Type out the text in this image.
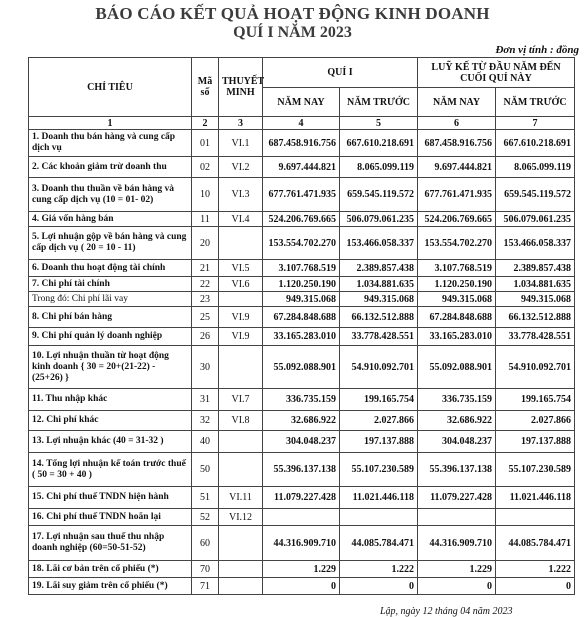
BÁO CÁO KẾT QUẢ HOẠT ĐỘNG KINH DOANH
QUÍ I NĂM 2023
Đơn vị tính : đồng
CHỈ TIÊU	Mã số	THUYẾT MINH	QUÍ I		LUỸ KẾ TỪ ĐẦU NĂM ĐẾN CUỐI QUÍ NÀY	
			NĂM NAY	NĂM TRƯỚC	NĂM NAY	NĂM TRƯỚC
1	2	3	4	5	6	7
1. Doanh thu bán hàng và cung cấp dịch vụ	01	VI.1	687.458.916.756	667.610.218.691	687.458.916.756	667.610.218.691
2. Các khoản giảm trừ doanh thu	02	VI.2	9.697.444.821	8.065.099.119	9.697.444.821	8.065.099.119
3. Doanh thu thuần về bán hàng và cung cấp dịch vụ (10 = 01- 02)	10	VI.3	677.761.471.935	659.545.119.572	677.761.471.935	659.545.119.572
4. Giá vốn hàng bán	11	VI.4	524.206.769.665	506.079.061.235	524.206.769.665	506.079.061.235
5. Lợi nhuận gộp về bán hàng và cung cấp dịch vụ ( 20 = 10 - 11)	20		153.554.702.270	153.466.058.337	153.554.702.270	153.466.058.337
6. Doanh thu hoạt động tài chính	21	VI.5	3.107.768.519	2.389.857.438	3.107.768.519	2.389.857.438
7. Chi phí tài chính	22	VI.6	1.120.250.190	1.034.881.635	1.120.250.190	1.034.881.635
Trong đó: Chi phí lãi vay	23		949.315.068	949.315.068	949.315.068	949.315.068
8. Chi phí bán hàng	25	VI.9	67.284.848.688	66.132.512.888	67.284.848.688	66.132.512.888
9. Chi phí quản lý doanh nghiệp	26	VI.9	33.165.283.010	33.778.428.551	33.165.283.010	33.778.428.551
10. Lợi nhuận thuần từ hoạt động kinh doanh { 30 = 20+(21-22) - (25+26) }	30		55.092.088.901	54.910.092.701	55.092.088.901	54.910.092.701
11. Thu nhập khác	31	VI.7	336.735.159	199.165.754	336.735.159	199.165.754
12. Chi phí khác	32	VI.8	32.686.922	2.027.866	32.686.922	2.027.866
13. Lợi nhuận khác (40 = 31-32 )	40		304.048.237	197.137.888	304.048.237	197.137.888
14. Tổng lợi nhuận kế toán trước thuế ( 50 = 30 + 40 )	50		55.396.137.138	55.107.230.589	55.396.137.138	55.107.230.589
15. Chi phí thuế TNDN hiện hành	51	VI.11	11.079.227.428	11.021.446.118	11.079.227.428	11.021.446.118
16. Chi phí thuế TNDN hoãn lại	52	VI.12				
17. Lợi nhuận sau thuế thu nhập doanh nghiệp (60=50-51-52)	60		44.316.909.710	44.085.784.471	44.316.909.710	44.085.784.471
18. Lãi cơ bản trên cổ phiếu (*)	70		1.229	1.222	1.229	1.222
19. Lãi suy giảm trên cổ phiếu (*)	71		0	0	0	0
Lập, ngày 12 tháng 04 năm 2023
